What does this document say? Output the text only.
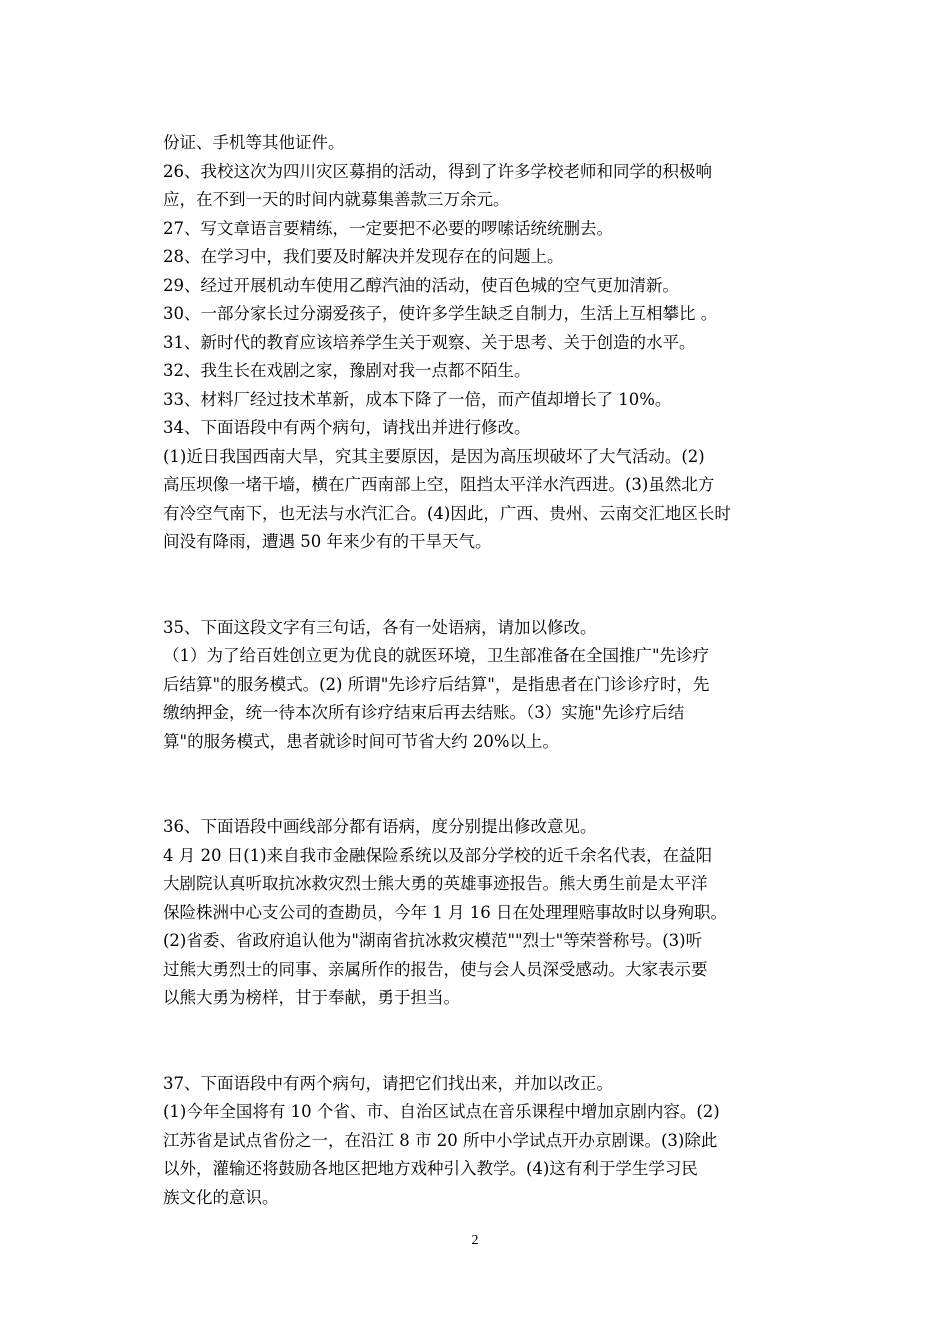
份证、手机等其他证件。
26、我校这次为四川灾区募捐的活动，得到了许多学校老师和同学的积极响
应，在不到一天的时间内就募集善款三万余元。
27、写文章语言要精练，一定要把不必要的啰嗦话统统删去。
28、在学习中，我们要及时解决并发现存在的问题上。
29、经过开展机动车使用乙醇汽油的活动，使百色城的空气更加清新。
30、一部分家长过分溺爱孩子，使许多学生缺乏自制力，生活上互相攀比 。
31、新时代的教育应该培养学生关于观察、关于思考、关于创造的水平。
32、我生长在戏剧之家，豫剧对我一点都不陌生。
33、材料厂经过技术革新，成本下降了一倍，而产值却增长了 10%。
34、下面语段中有两个病句，请找出并进行修改。
(1)近日我国西南大旱，究其主要原因，是因为高压坝破坏了大气活动。(2)
高压坝像一堵干墙，横在广西南部上空，阻挡太平洋水汽西进。(3)虽然北方
有冷空气南下，也无法与水汽汇合。(4)因此，广西、贵州、云南交汇地区长时
间没有降雨，遭遇 50 年来少有的干旱天气。
35、下面这段文字有三句话，各有一处语病，请加以修改。
（1）为了给百姓创立更为优良的就医环境，卫生部准备在全国推广"先诊疗
后结算"的服务模式。(2) 所谓"先诊疗后结算"，是指患者在门诊诊疗时，先
缴纳押金，统一待本次所有诊疗结束后再去结账。（3）实施"先诊疗后结
算"的服务模式，患者就诊时间可节省大约 20%以上。
36、下面语段中画线部分都有语病，度分别提出修改意见。
4 月 20 日(1)来自我市金融保险系统以及部分学校的近千余名代表，在益阳
大剧院认真听取抗冰救灾烈士熊大勇的英雄事迹报告。熊大勇生前是太平洋
保险株洲中心支公司的查勘员，今年 1 月 16 日在处理理赔事故时以身殉职。
(2)省委、省政府追认他为"湖南省抗冰救灾模范""烈士"等荣誉称号。(3)听
过熊大勇烈士的同事、亲属所作的报告，使与会人员深受感动。大家表示要
以熊大勇为榜样，甘于奉献，勇于担当。
37、下面语段中有两个病句，请把它们找出来，并加以改正。
(1)今年全国将有 10 个省、市、自治区试点在音乐课程中增加京剧内容。(2)
江苏省是试点省份之一，在沿江 8 市 20 所中小学试点开办京剧课。(3)除此
以外，灌输还将鼓励各地区把地方戏种引入教学。(4)这有利于学生学习民
族文化的意识。
2
